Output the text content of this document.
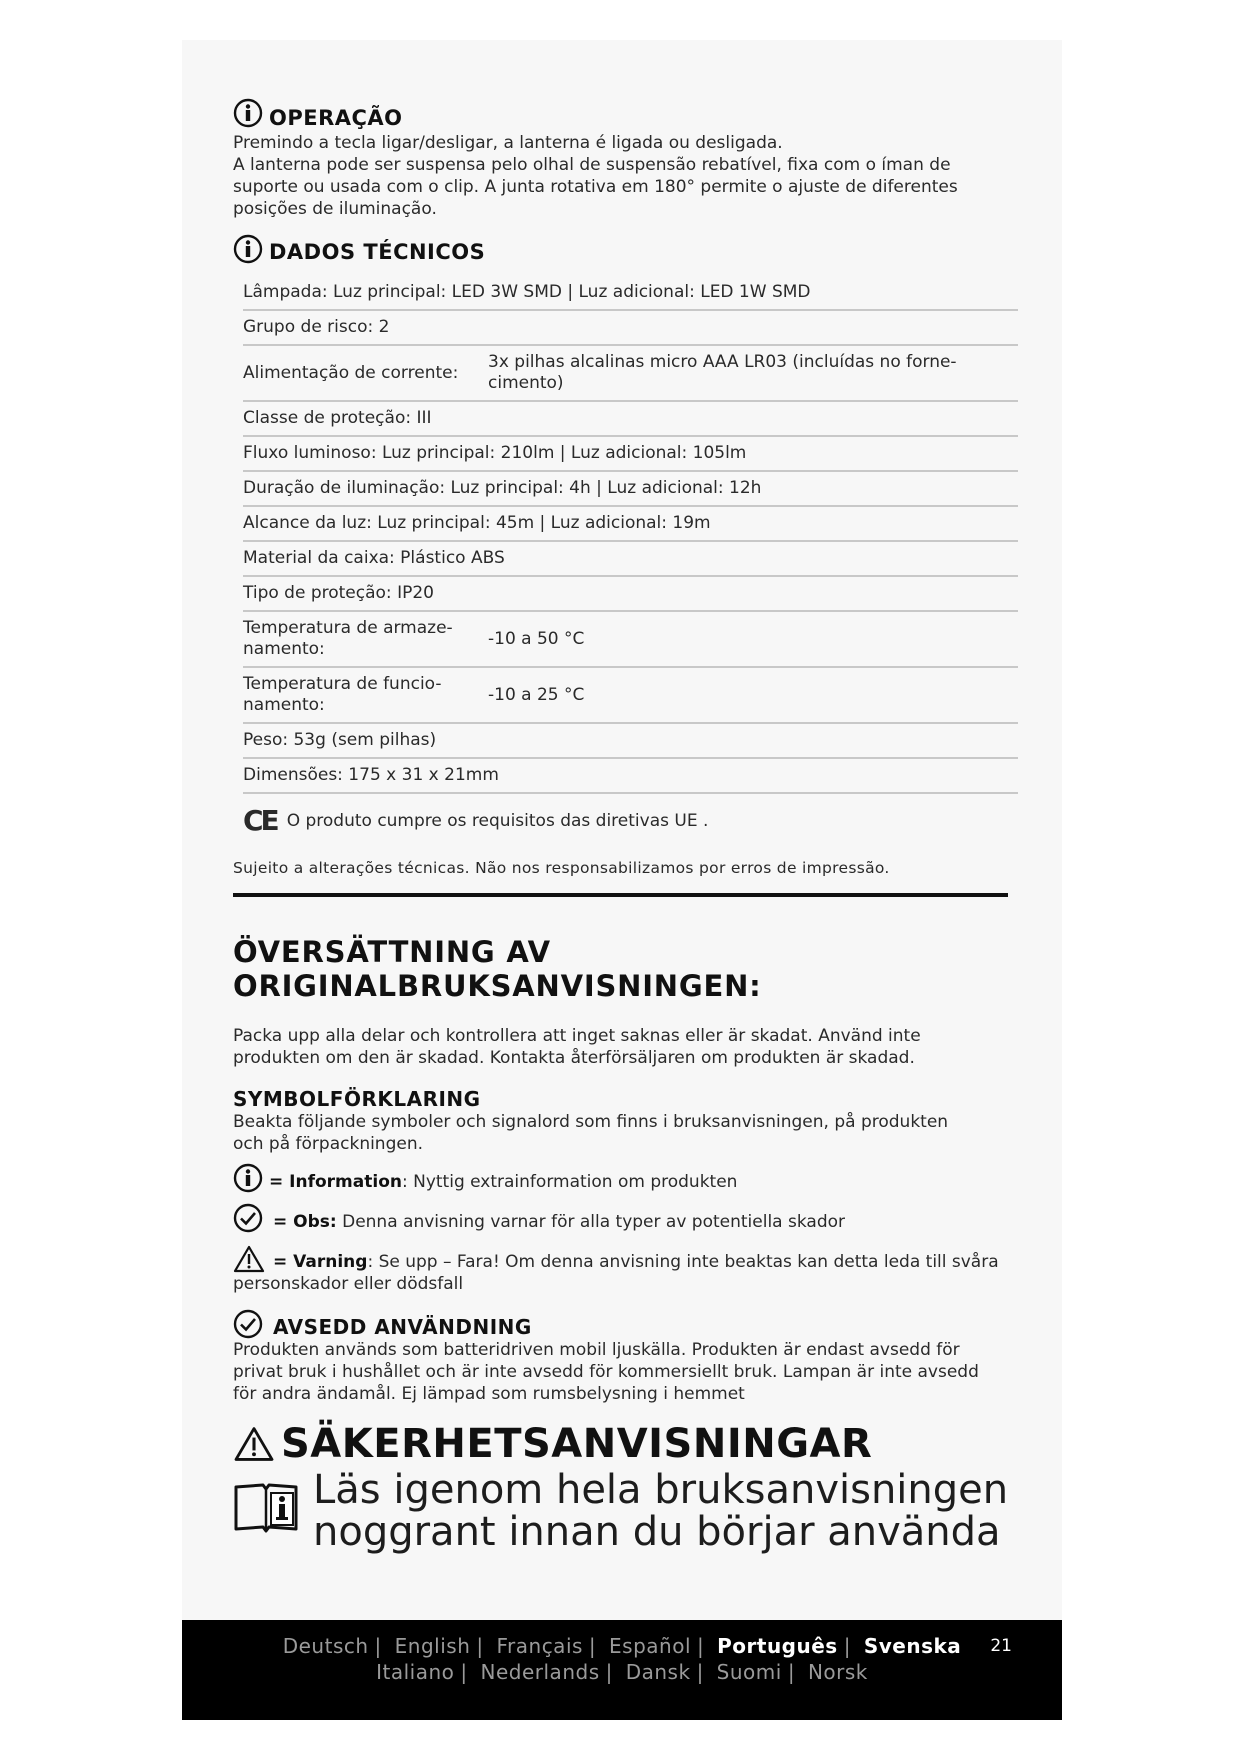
OPERAÇÃO
Premindo a tecla ligar/desligar, a lanterna é ligada ou desligada.
A lanterna pode ser suspensa pelo olhal de suspensão rebatível, fixa com o íman de
suporte ou usada com o clip. A junta rotativa em 180° permite o ajuste de diferentes
posições de iluminação.
DADOS TÉCNICOS
Lâmpada: Luz principal: LED 3W SMD | Luz adicional: LED 1W SMD	
Grupo de risco: 2	
Alimentação de corrente:	3x pilhas alcalinas micro AAA LR03 (incluídas no forne-cimento)
Classe de proteção: III	
Fluxo luminoso: Luz principal: 210lm | Luz adicional: 105lm	
Duração de iluminação: Luz principal: 4h | Luz adicional: 12h	
Alcance da luz: Luz principal: 45m | Luz adicional: 19m	
Material da caixa: Plástico ABS	
Tipo de proteção: IP20	
Temperatura de armaze-namento:	-10 a 50 °C
Temperatura de funcio-namento:	-10 a 25 °C
Peso: 53g (sem pilhas)	
Dimensões: 175 x 31 x 21mm	
CE O produto cumpre os requisitos das diretivas UE .
Sujeito a alterações técnicas. Não nos responsabilizamos por erros de impressão.
ÖVERSÄTTNING AV ORIGINALBRUKSANVISNINGEN:
Packa upp alla delar och kontrollera att inget saknas eller är skadat. Använd inte
produkten om den är skadad. Kontakta återförsäljaren om produkten är skadad.
SYMBOLFÖRKLARING
Beakta följande symboler och signalord som finns i bruksanvisningen, på produkten
och på förpackningen.
= Information: Nyttig extrainformation om produkten
= Obs: Denna anvisning varnar för alla typer av potentiella skador
= Varning: Se upp – Fara! Om denna anvisning inte beaktas kan detta leda till svåra
personskador eller dödsfall
AVSEDD ANVÄNDNING
Produkten används som batteridriven mobil ljuskälla. Produkten är endast avsedd för
privat bruk i hushållet och är inte avsedd för kommersiellt bruk. Lampan är inte avsedd
för andra ändamål. Ej lämpad som rumsbelysning i hemmet
SÄKERHETSANVISNINGAR
Läs igenom hela bruksanvisningen
noggrant innan du börjar använda
Deutsch | English | Français | Español | Português | Svenska
Italiano | Nederlands | Dansk | Suomi | Norsk
21
